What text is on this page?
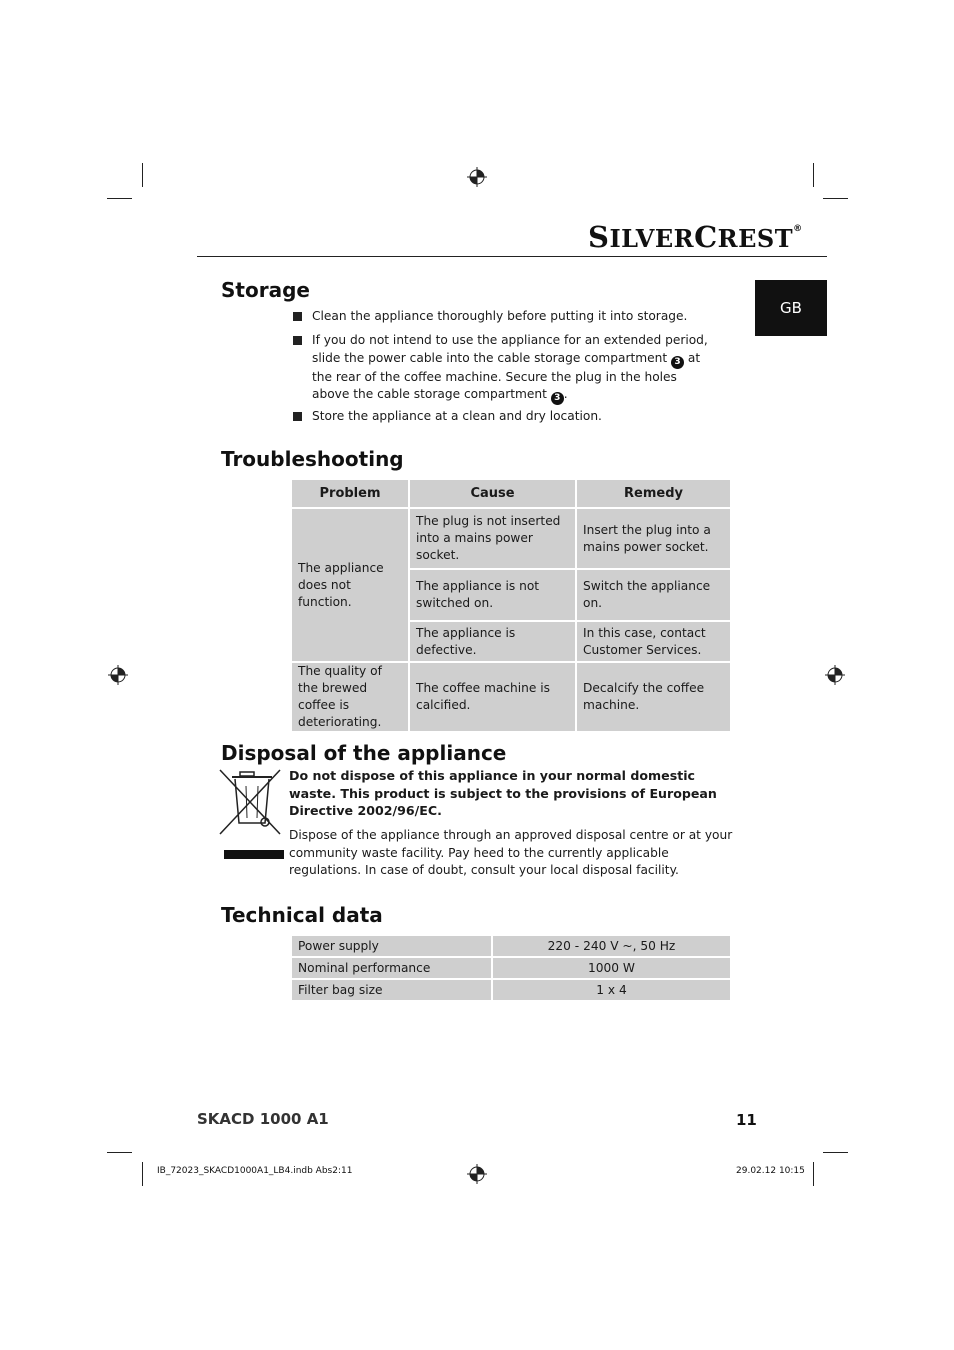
SILVERCREST®
GB
Storage
Clean the appliance thoroughly before putting it into storage.
If you do not intend to use the appliance for an extended period, slide the power cable into the cable storage compartment 3 at the rear of the coffee machine. Secure the plug in the holes above the cable storage compartment 3 .
Store the appliance at a clean and dry location.
Troubleshooting
Problem	Cause	Remedy
The appliance does not function.	The plug is not inserted into a mains power socket.	Insert the plug into a mains power socket.
	The appliance is not switched on.	Switch the appliance on.
	The appliance is defective.	In this case, contact Customer Services.
The quality of the brewed coffee is deteriorating.	The coffee machine is calcified.	Decalcify the coffee machine.
Disposal of the appliance
Do not dispose of this appliance in your normal domestic waste. This product is subject to the provisions of European Directive 2002/96/EC.
Dispose of the appliance through an approved disposal centre or at your community waste facility. Pay heed to the currently applicable regulations. In case of doubt, consult your local disposal facility.
Technical data
Power supply	220 - 240 V ~, 50 Hz
Nominal performance	1000 W
Filter bag size	1 x 4
SKACD 1000 A1	11
IB_72023_SKACD1000A1_LB4.indb Abs2:11	29.02.12 10:15
